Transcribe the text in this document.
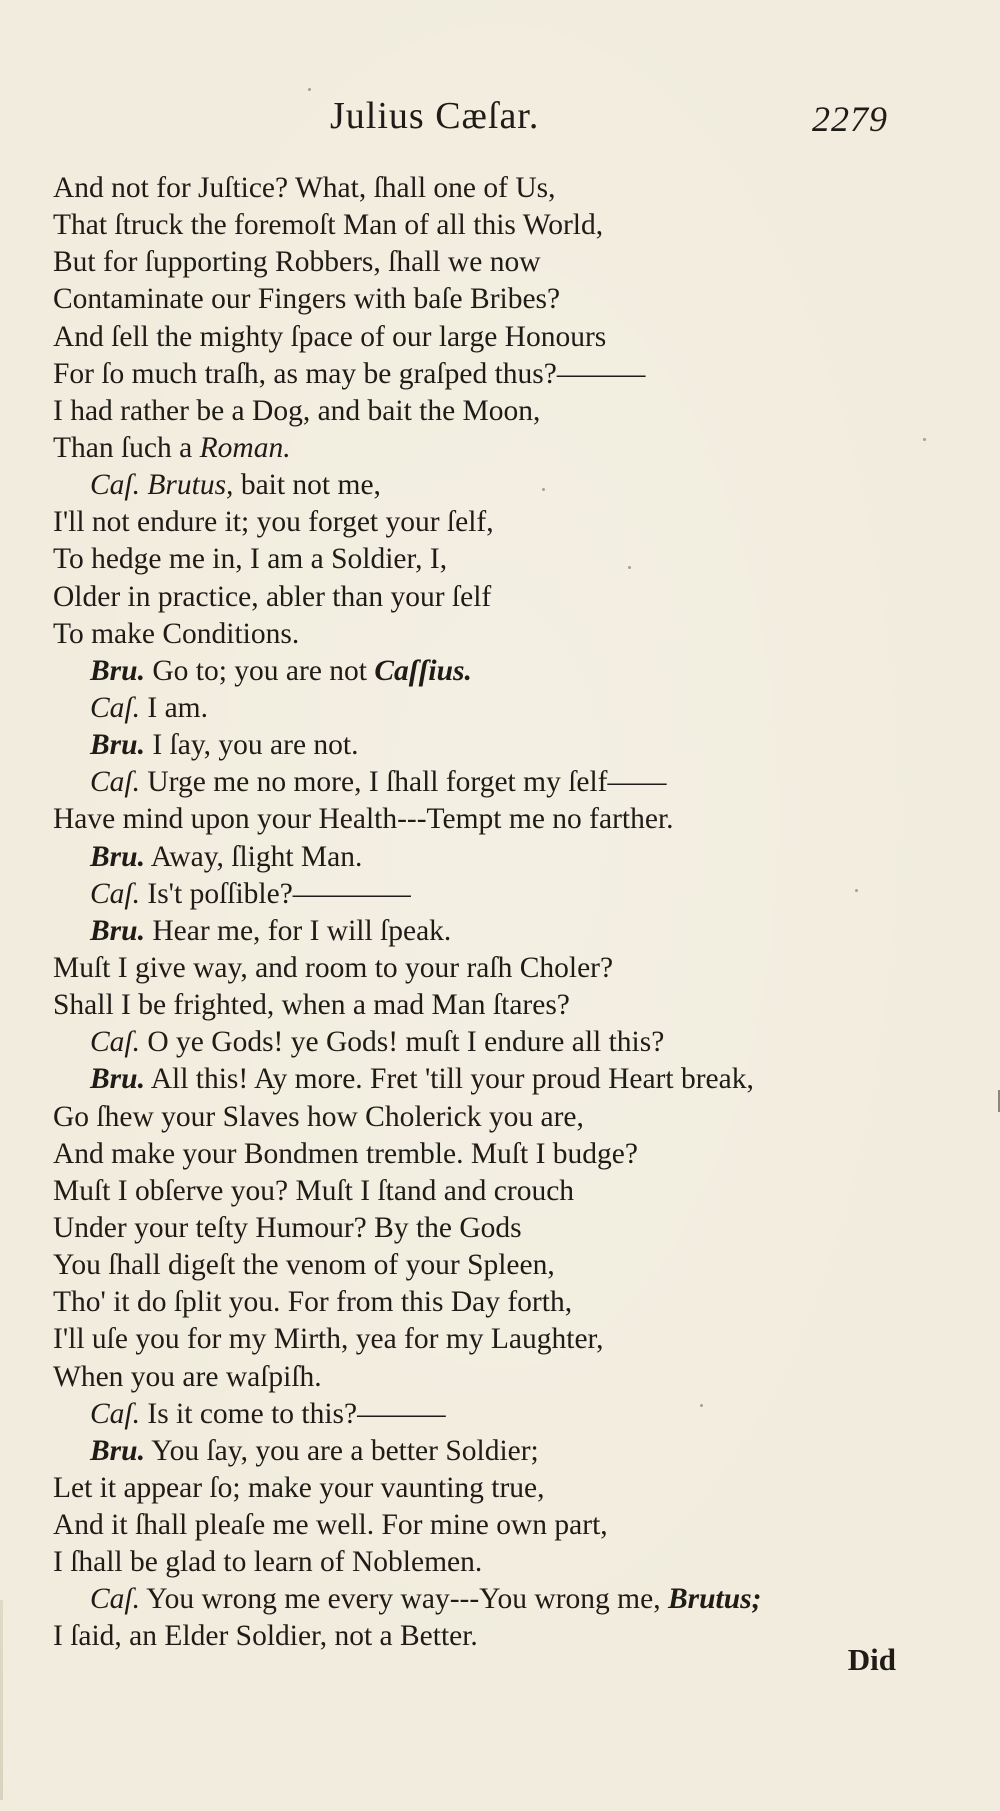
Julius Cæſar.	2279
And not for Juſtice? What, ſhall one of Us,
That ſtruck the foremoſt Man of all this World,
But for ſupporting Robbers, ſhall we now
Contaminate our Fingers with baſe Bribes?
And ſell the mighty ſpace of our large Honours
For ſo much traſh, as may be graſped thus?———
I had rather be a Dog, and bait the Moon,
Than ſuch a Roman.
Caſ. Brutus, bait not me,
I'll not endure it; you forget your ſelf,
To hedge me in, I am a Soldier, I,
Older in practice, abler than your ſelf
To make Conditions.
Bru. Go to; you are not Caſſius.
Caſ. I am.
Bru. I ſay, you are not.
Caſ. Urge me no more, I ſhall forget my ſelf——
Have mind upon your Health---Tempt me no farther.
Bru. Away, ſlight Man.
Caſ. Is't poſſible?————
Bru. Hear me, for I will ſpeak.
Muſt I give way, and room to your raſh Choler?
Shall I be frighted, when a mad Man ſtares?
Caſ. O ye Gods! ye Gods! muſt I endure all this?
Bru. All this! Ay more. Fret 'till your proud Heart break,
Go ſhew your Slaves how Cholerick you are,
And make your Bondmen tremble. Muſt I budge?
Muſt I obſerve you? Muſt I ſtand and crouch
Under your teſty Humour? By the Gods
You ſhall digeſt the venom of your Spleen,
Tho' it do ſplit you. For from this Day forth,
I'll uſe you for my Mirth, yea for my Laughter,
When you are waſpiſh.
Caſ. Is it come to this?———
Bru. You ſay, you are a better Soldier;
Let it appear ſo; make your vaunting true,
And it ſhall pleaſe me well. For mine own part,
I ſhall be glad to learn of Noblemen.
Caſ. You wrong me every way---You wrong me, Brutus;
I ſaid, an Elder Soldier, not a Better.
Did
